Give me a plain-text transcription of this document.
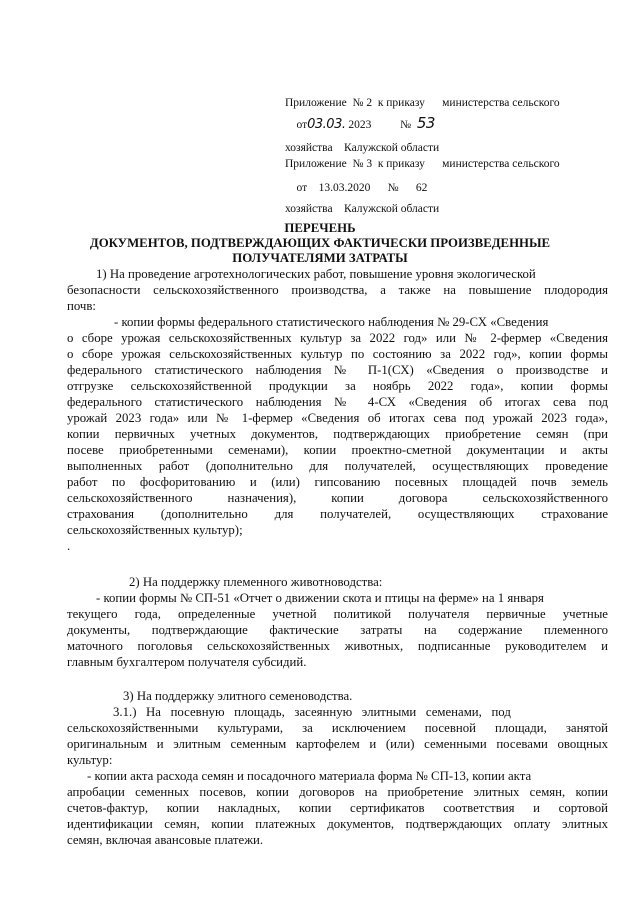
Приложение  № 2  к приказу      министерства сельского

хозяйства    Калужской области

от03.03. 2023	№ 53

Приложение  № 3  к приказу      министерства сельского

хозяйства    Калужской области

от    13.03.2020      №      62

ПЕРЕЧЕНЬ
ДОКУМЕНТОВ, ПОДТВЕРЖДАЮЩИХ ФАКТИЧЕСКИ ПРОИЗВЕДЕННЫЕ
ПОЛУЧАТЕЛЯМИ ЗАТРАТЫ
1) На проведение агротехнологических работ, повышение уровня экологической
безопасности сельскохозяйственного производства, а также на повышение плодородия
почв:
- копии формы федерального статистического наблюдения № 29-СХ «Сведения
о сборе урожая сельскохозяйственных культур за 2022 год» или № 2-фермер «Сведения
о сборе урожая сельскохозяйственных культур по состоянию за 2022 год», копии формы
федерального статистического наблюдения № П-1(СХ) «Сведения о производстве и
отгрузке сельскохозяйственной продукции за ноябрь 2022 года», копии формы
федерального статистического наблюдения № 4-СХ «Сведения об итогах сева под
урожай 2023 года» или № 1-фермер «Сведения об итогах сева под урожай 2023 года»,
копии первичных учетных документов, подтверждающих приобретение семян (при
посеве приобретенными семенами), копии проектно-сметной документации и акты
выполненных работ (дополнительно для получателей, осуществляющих проведение
работ по фосфоритованию и (или) гипсованию посевных площадей почв земель
сельскохозяйственного назначения), копии договора сельскохозяйственного
страхования (дополнительно для получателей, осуществляющих страхование
сельскохозяйственных культур);
.
2) На поддержку племенного животноводства:
- копии формы № СП-51 «Отчет о движении скота и птицы на ферме» на 1 января
текущего года, определенные учетной политикой получателя первичные учетные
документы, подтверждающие фактические затраты на содержание племенного
маточного поголовья сельскохозяйственных животных, подписанные руководителем и
главным бухгалтером получателя субсидий.
3) На поддержку элитного семеноводства.
3.1.)   На   посевную   площадь,   засеянную   элитными   семенами,   под
сельскохозяйственными культурами, за исключением посевной площади, занятой
оригинальным и элитным семенным картофелем и (или) семенными посевами овощных
культур:
- копии акта расхода семян и посадочного материала форма № СП-13, копии акта
апробации семенных посевов, копии договоров на приобретение элитных семян, копии
счетов-фактур, копии накладных, копии сертификатов соответствия и сортовой
идентификации семян, копии платежных документов, подтверждающих оплату элитных
семян, включая авансовые платежи.
